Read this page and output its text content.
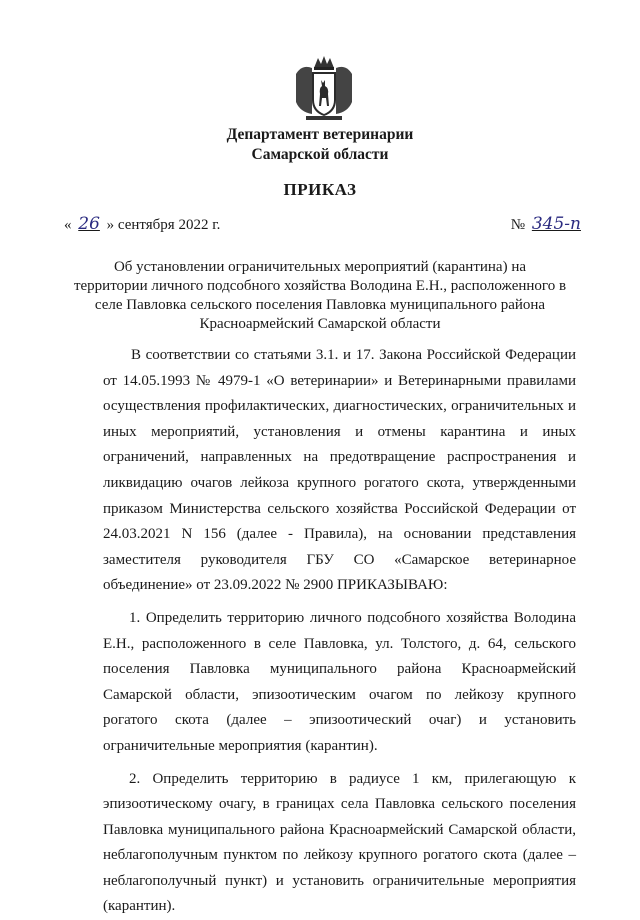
Департамент ветеринарии
Самарской области
ПРИКАЗ
« 26 » сентября 2022 г.	№ 345-п
Об установлении ограничительных мероприятий (карантина) на
территории личного подсобного хозяйства Володина Е.Н., расположенного в
селе Павловка сельского поселения Павловка муниципального района
Красноармейский Самарской области

В соответствии со статьями 3.1. и 17. Закона Российской Федерации от 14.05.1993 № 4979-1 «О ветеринарии» и Ветеринарными правилами осуществления профилактических, диагностических, ограничительных и иных мероприятий, установления и отмены карантина и иных ограничений, направленных на предотвращение распространения и ликвидацию очагов лейкоза крупного рогатого скота, утвержденными приказом Министерства сельского хозяйства Российской Федерации от 24.03.2021 N 156 (далее - Правила), на основании представления заместителя руководителя ГБУ СО «Самарское ветеринарное объединение» от 23.09.2022 № 2900 ПРИКАЗЫВАЮ:

1. Определить территорию личного подсобного хозяйства Володина Е.Н., расположенного в селе Павловка, ул. Толстого, д. 64, сельского поселения Павловка муниципального района Красноармейский Самарской области, эпизоотическим очагом по лейкозу крупного рогатого скота (далее – эпизоотический очаг) и установить ограничительные мероприятия (карантин).

2. Определить территорию в радиусе 1 км, прилегающую к эпизоотическому очагу, в границах села Павловка сельского поселения Павловка муниципального района Красноармейский Самарской области, неблагополучным пунктом по лейкозу крупного рогатого скота (далее – неблагополучный пункт) и установить ограничительные мероприятия (карантин).
